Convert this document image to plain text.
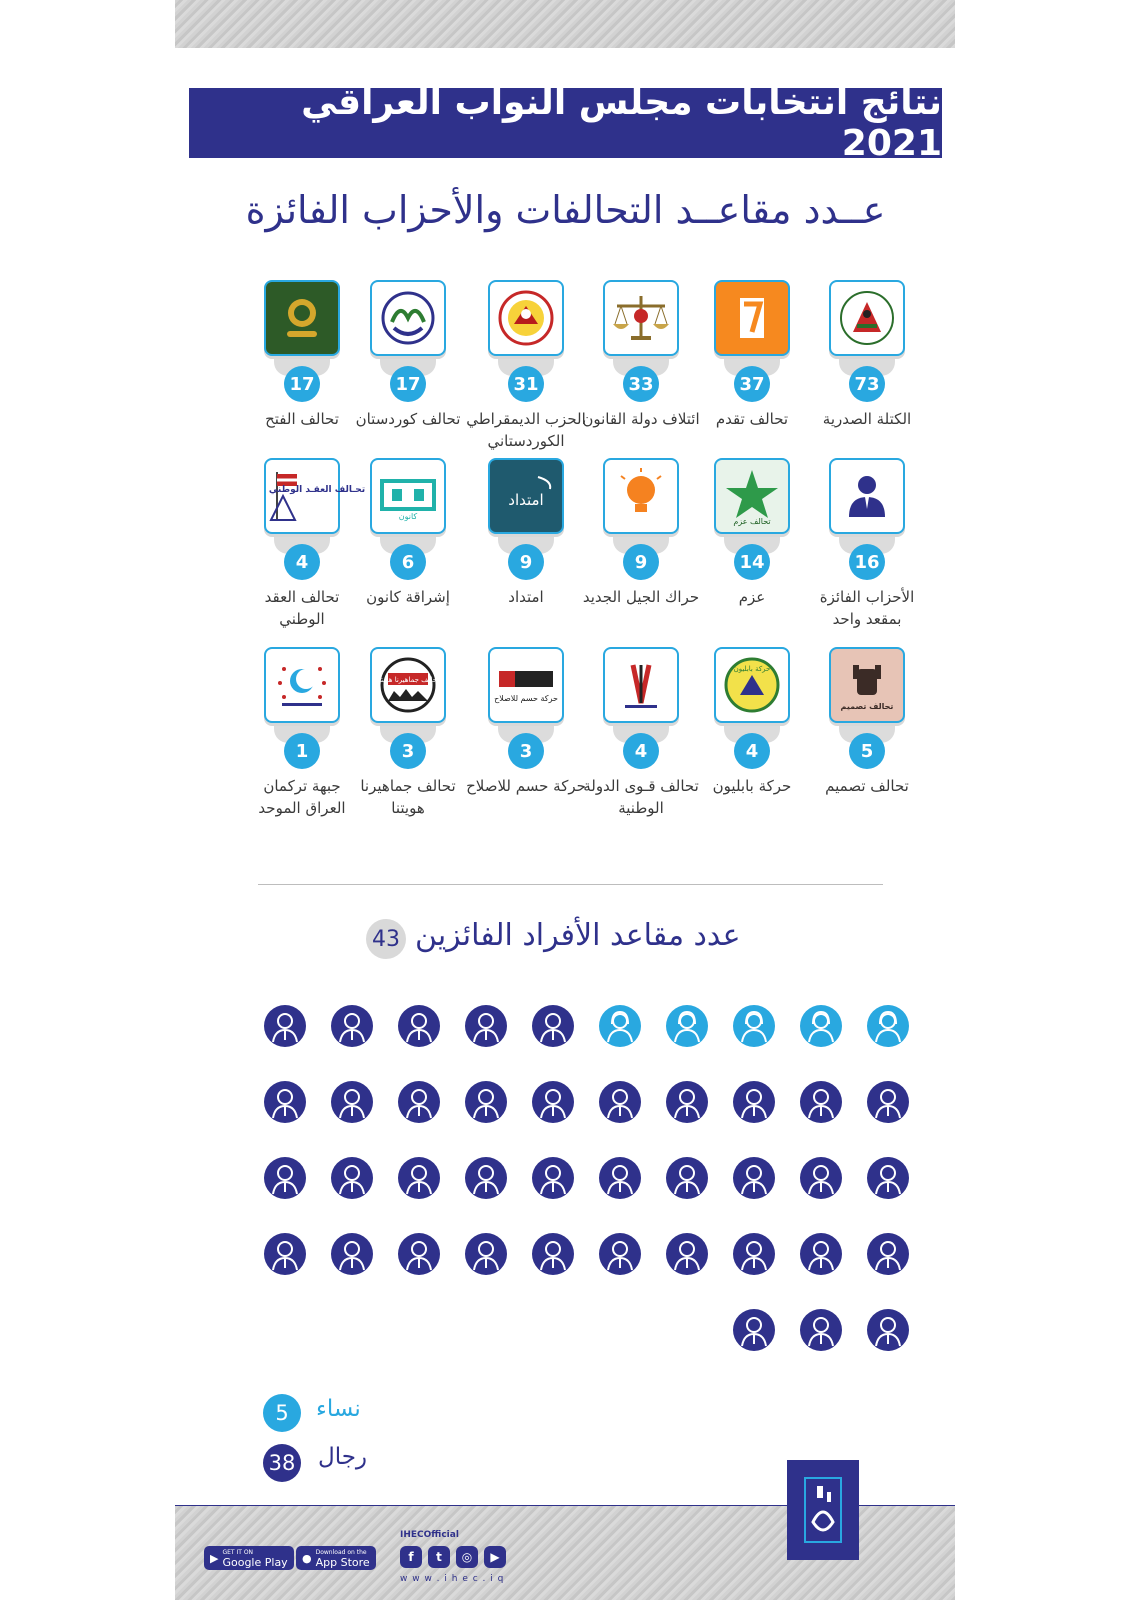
نتائج انتخابات مجلس النواب العراقي 2021
عــدد مقاعــد التحالفات والأحزاب الفائزة
73
الكتلة الصدرية
37
تحالف تقدم
33
ائتلاف دولة القانون
31
الحزب الديمقراطي الكوردستاني
17
تحالف كوردستان
17
تحالف الفتح
16
الأحزاب الفائزة بمقعد واحد
تحالف عزم
14
عزم
9
حراك الجيل الجديد
امتداد
9
امتداد
كانون
6
إشراقة كانون
تحـالف العقـد الوطني
4
تحالف العقد الوطني
تحالف تصميم
5
تحالف تصميم
حركة بابليون
4
حركة بابليون
4
تحالف قـوى الدولة الوطنية
حركة حسم للاصلاح
3
حركة حسم للاصلاح
تحالف جماهيرنا هويتنا
3
تحالف جماهيرنا هويتنا
1
جبهة تركمان العراق الموحد
عدد مقاعد الأفراد الفائزين
43
5	نساء
38 رجال
▶ GET IT ON
Google Play ● Download on the
App Store
IHECOfficial
f	t	◎	▶
w w w . i h e c . i q
